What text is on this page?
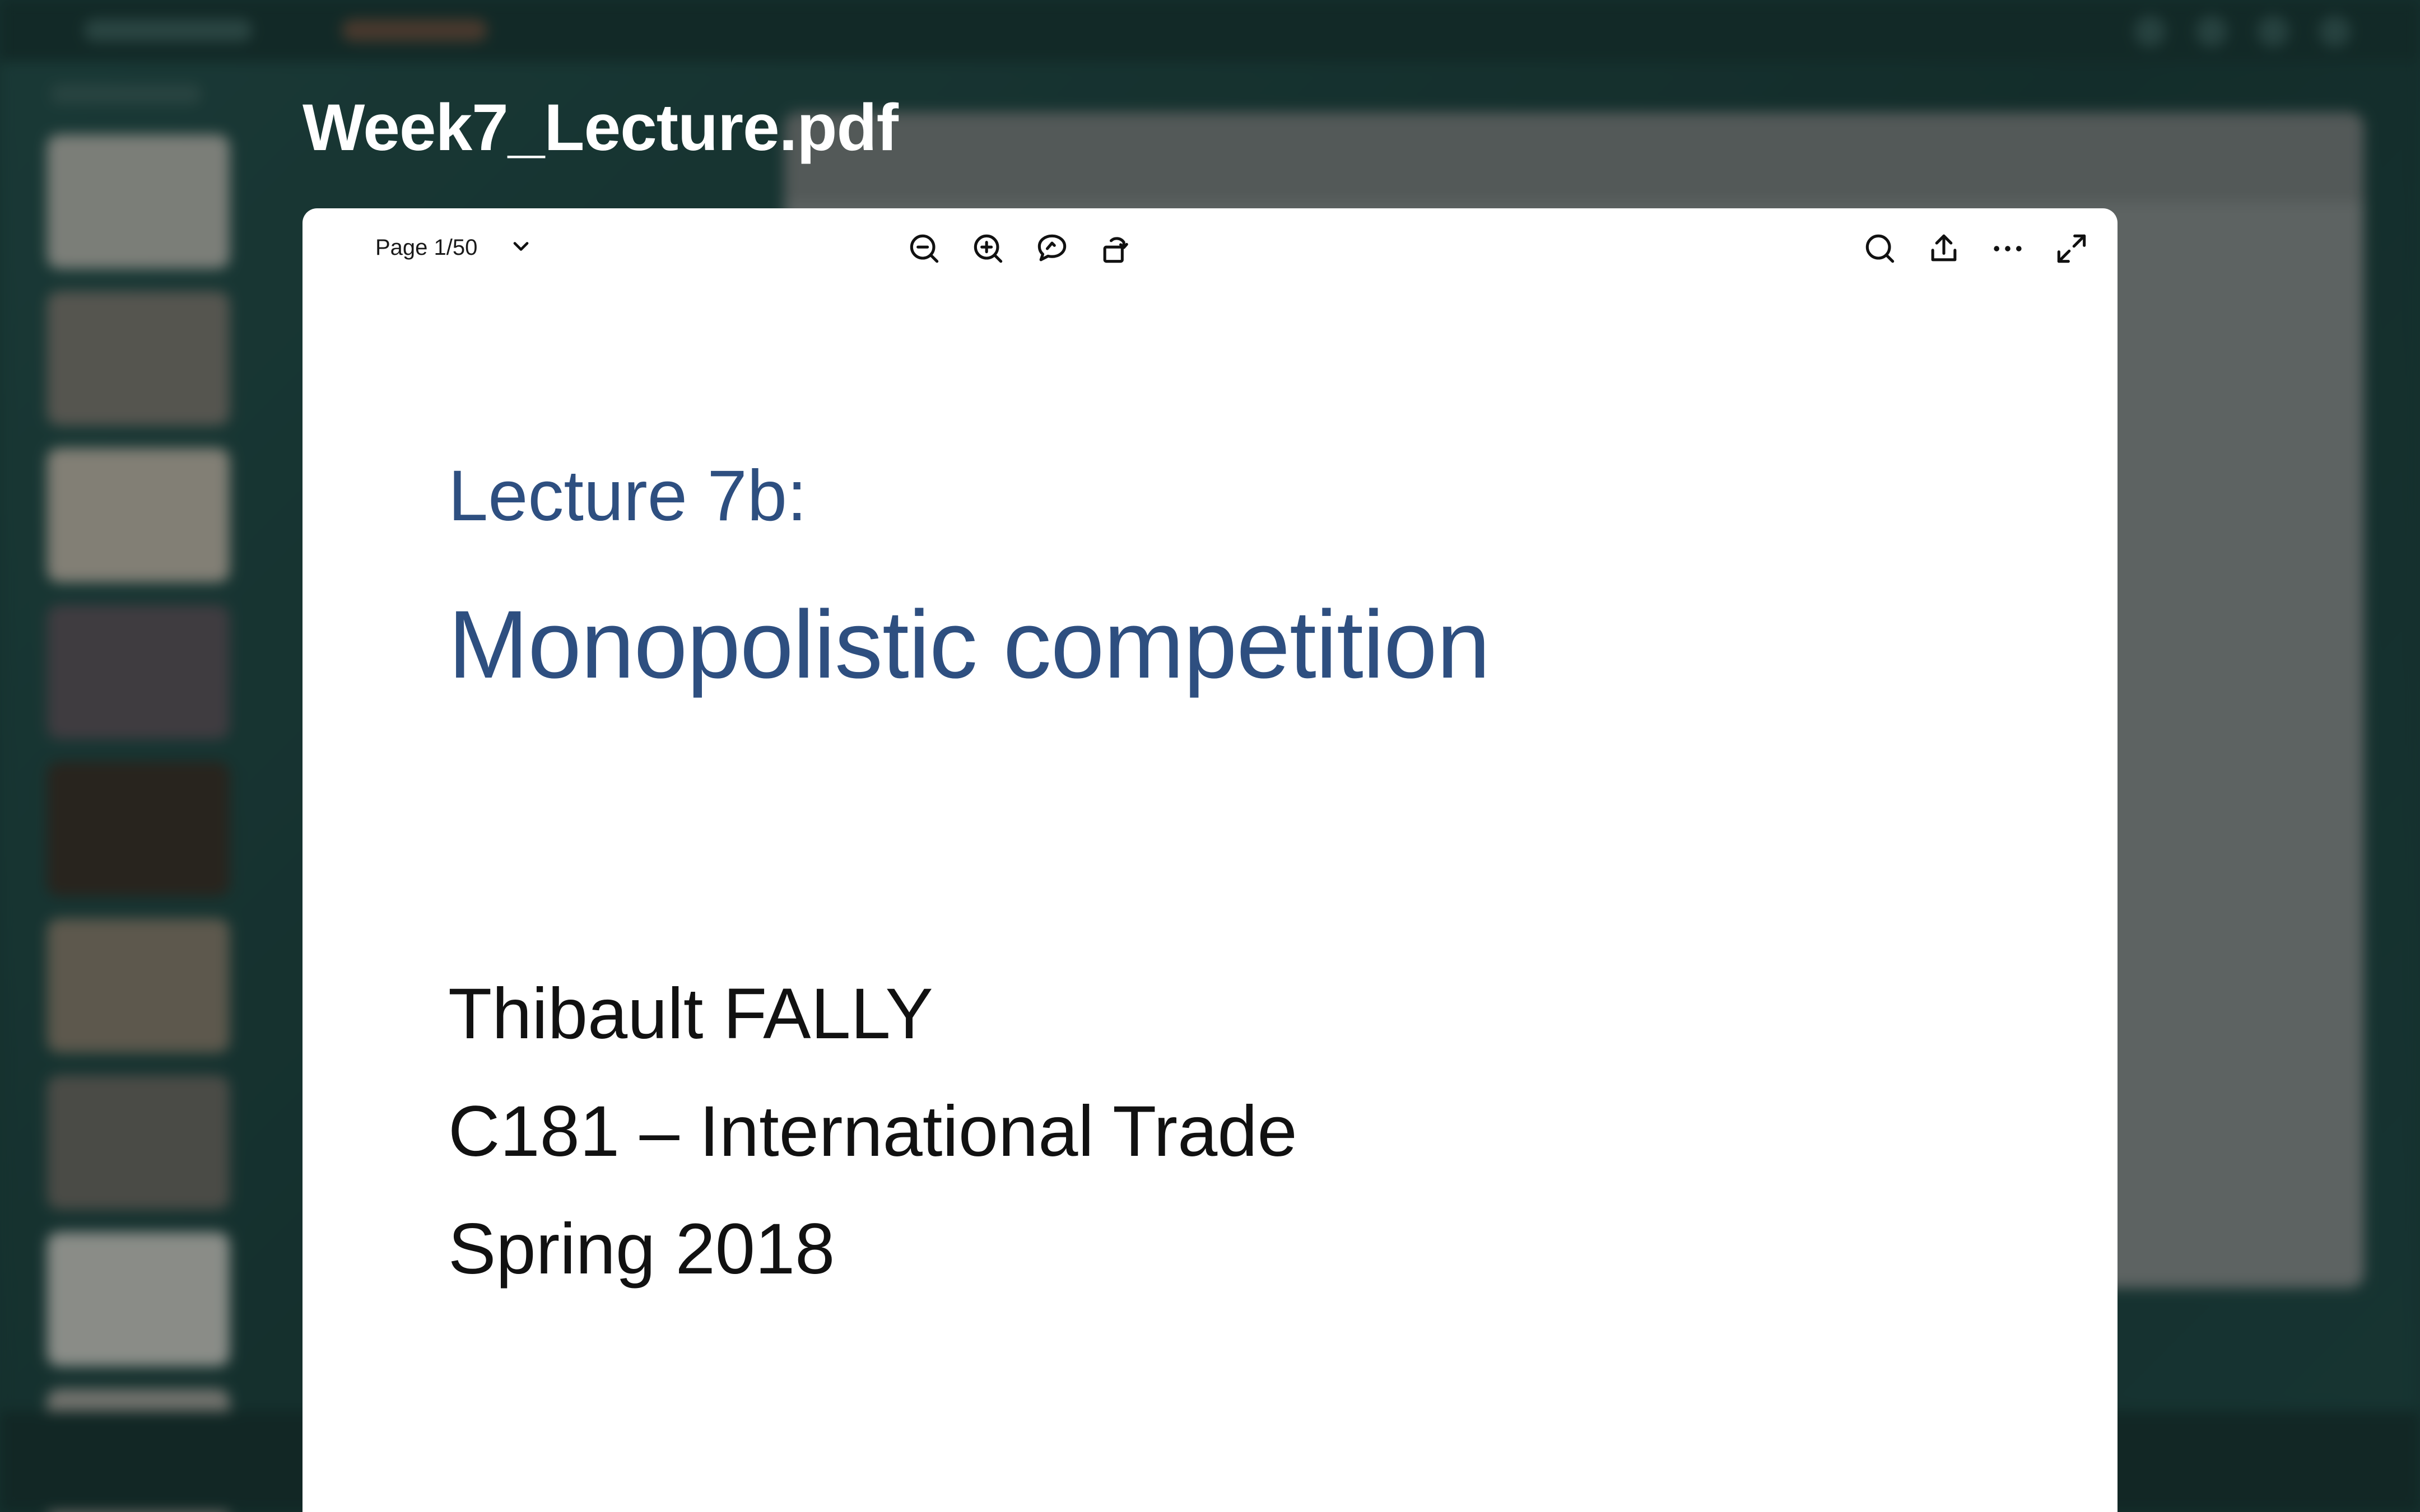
Week7_Lecture.pdf
Page 1/50
Lecture 7b:
Monopolistic competition
Thibault FALLY
C181 – International Trade
Spring 2018
